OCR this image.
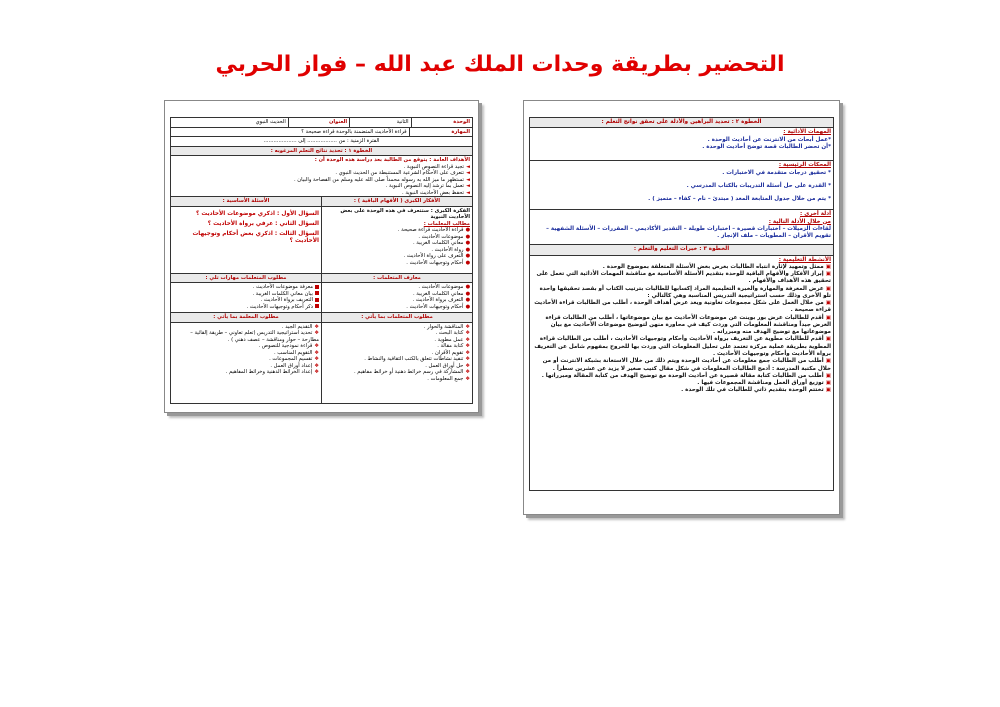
التحضير بطريقة وحدات الملك عبد الله – فواز الحربي
الوحدة
الثانية
العنوان
الحديث النبوي
المهارة
قراءة الأحاديث المتضمنة بالوحدة قراءة صحيحة ؟
الفترة الزمنية : من .................. إلى ....................
الخطوة ١ : تحديد نتائج التعلم المرغوبه :
الأهداف العامة : يتوقع من الطالبة بعد دراسة هذه الوحدة أن :
◄تجيد قراءة النصوص النبوية .
◄تتعرف على الأحكام الشرعية المستنبطة من الحديث النبوي .
◄تستظهر ما ميز الله به رسوله محمداً صلى الله عليه وسلم من الفصاحة والبيان .
◄تعمل بما ترشد إليه النصوص النبوية .
◄تحفظ بعض الأحاديث النبوية .
الأفكار الكبرى ( الأفهام الباقية ) :
الأسئلة الأساسية :
الفكرة الكبرى : ستتعرف في هذه الوحدة على بعض الأحاديث النبوية
مطالب المعلمات :
●قراءة الأحاديث قراءة صحيحة .
●موضوعات الأحاديث .
●معاني الكلمات الغريبة .
●رواة الأحاديث .
●التعرف على رواة الأحاديث .
●أحكام وتوجيهات الأحاديث .
السؤال الأول : اذكري موضوعات الأحاديث ؟
السؤال الثاني : عرفي برواة الأحاديث ؟
السؤال الثالث : اذكري بعض أحكام وتوجيهات الأحاديث ؟
معارف المتعلمات :
مطلوب المتعلمات مهارات تلي :
●موضوعات الأحاديث .
●معاني الكلمات الغريبة .
●التعرف برواة الأحاديث .
●أحكام وتوجيهات الأحاديث .
معرفة موضوعات الأحاديث .
بيان معاني الكلمات الغريبة .
التعريف برواة الأحاديث .
ذكر أحكام وتوجيهات الأحاديث .
مطلوب المتعلمات بما يأتي :
مطلوب المعلمة بما يأتي :
❖المناقشة والحوار .
❖كتابة البحث .
❖عمل مطوية .
❖كتابة مقالة .
❖تقويم الأقران .
❖تنفيذ نشاطات تتعلق بالكتب الثقافية والنشاط .
❖حل أوراق العمل .
❖المشاركة في رسم خرائط ذهنية أو خرائط مفاهيم .
❖جمع المعلومات .
❖التقديم الجيد .
❖تحديد استراتيجية التدريس (تعلم تعاوني – طريقة إلقائية – مطارحة – حوار ومناقشة – عصف ذهني ) .
❖قراءة نموذجية للنصوص .
❖التقويم المناسب .
❖تقسيم المجموعات .
❖إعداد أوراق العمل .
❖إعداد الخرائط الذهنية وخرائط المفاهيم .
الخطوة ٢ : تحديد البراهين والأدلة على تحقق نواتج التعلم :
المهمات الأدائية :
*عمل أبحاث من الانترنت عن أحاديث الوحدة .
*أن تحضر الطالبات قصة توضح أحاديث الوحدة .
المحكات الرئيسية :
* تحقيق درجات متقدمة في الاختبارات .
* القدرة على حل أسئلة التدريبات بالكتاب المدرسي .
* يتم من خلال جدول المتابعة المعد ( مبتدئ – نام – كفاء – متميز ) .
أدلة أخرى :
من خلال الأدلة التالية :
لقاءات الزميلات – اختبارات قصيرة – اختبارات طويلة – التقدير الأكاديمي – المقررات – الأسئلة الشفهية – تقويم الأقران – المطويات – ملف الإنجاز .
الخطوة ٣ : خبرات التعليم والتعلم :
الأنشطة التعليمية :
▣ممثل وتمهيد لإثارة انتباه الطالبات بعرض بعض الأسئلة المتعلقة بموضوع الوحدة .
▣إبراز الأفكار والأفهام الباقية للوحدة بتقديم الأسئلة الأساسية مع مناقشة المهمات الأدائية التي تعمل على تحقيق هذه الأهداف والأفهام .
▣عرض المعرفة والمهارة والخبرة التعليمية المراد إكسابها للطالبات بترتيب الكتاب أو بقصد تحقيقها واحدة تلو الأخرى وذلك حسب استراتيجية التدريس المناسبة وهي كالتالي :
▣من خلال العمل على شكل مجموعات تعاونية ويعد عرض أهداف الوحدة ، أطلب من الطالبات قراءة الأحاديث قراءة صحيحة .
▣أقدم للطالبات عرض بور بوينت عن موضوعات الأحاديث مع بيان موضوعاتها ، أطلب من الطالبات قراءة العرض جيداً ومناقشة المعلومات التي وردت كيف في محاورة منهن لتوضيح موضوعات الأحاديث مع بيان موضوعاتها مع توضيح الهدف منه ومبرراته .
▣أقدم للطالبات مطوية عن التعريف برواة الأحاديث وأحكام وتوجيهات الأحاديث ، أطلب من الطالبات قراءة المطوية بطريقة عملية مركزة تعتمد على تحليل المعلومات التي وردت بها للخروج بمفهوم شامل عن التعريف برواة الأحاديث وأحكام وتوجيهات الأحاديث .
▣أطلب من الطالبات جمع معلومات عن أحاديث الوحدة ويتم ذلك من خلال الاستعانة بشبكة الانترنت أو من خلال مكتبة المدرسة : أدمج الطالبات المعلومات في شكل مقال كتيب صغير لا يزيد عن عشرين سطراً .
▣أطلب من الطالبات كتابة مقالة قصيرة عن أحاديث الوحدة مع توضيح الهدف من كتابة المقالة ومبرراتها .
▣توزيع أوراق العمل ومناقشة المجموعات فيها .
▣تختتم الوحدة بتقديم ذاتي للطالبات في تلك الوحدة .
